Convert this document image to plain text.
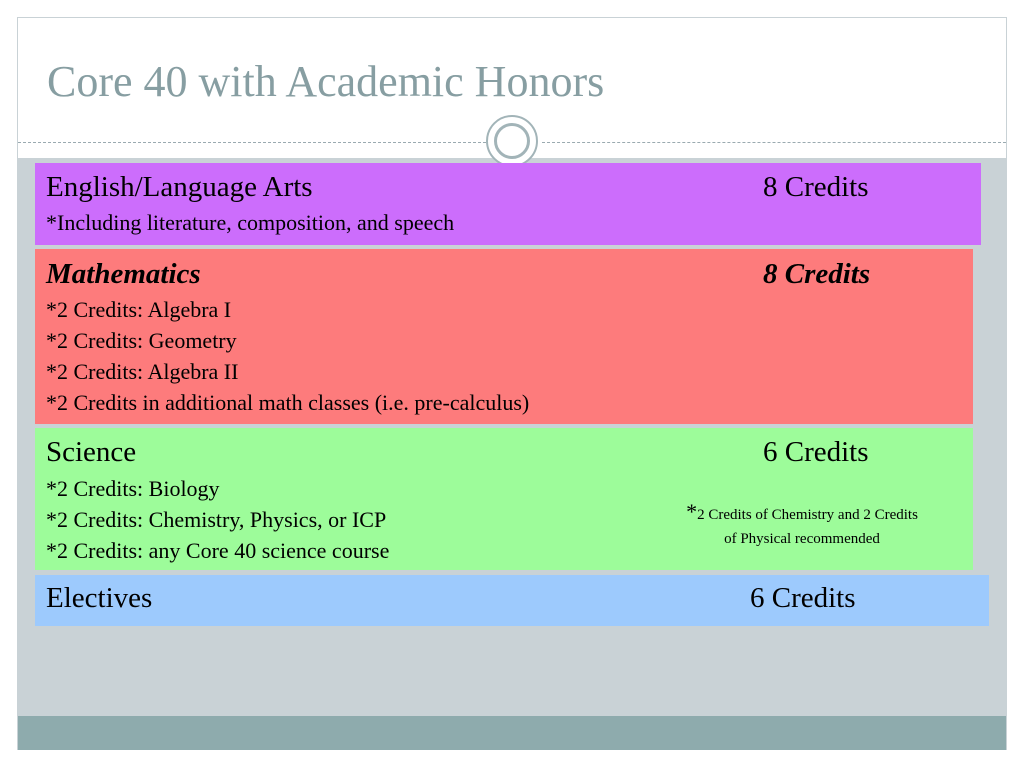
Core 40 with Academic Honors
English/Language Arts	8 Credits
*Including literature, composition, and speech
Mathematics	8 Credits
*2 Credits: Algebra I
*2 Credits: Geometry
*2 Credits: Algebra II
*2 Credits in additional math classes (i.e. pre-calculus)
Science	6 Credits
*2 Credits: Biology
*2 Credits: Chemistry, Physics, or ICP
*2 Credits: any Core 40 science course
*2 Credits of Chemistry and 2 Credits
of Physical recommended
Electives	6 Credits
